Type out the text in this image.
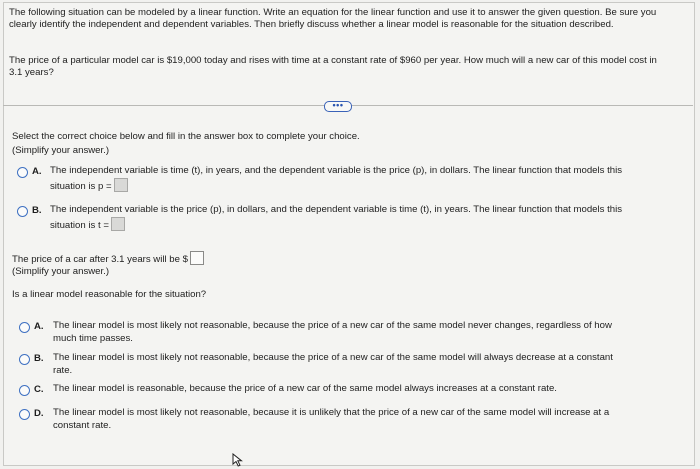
The following situation can be modeled by a linear function. Write an equation for the linear function and use it to answer the given question. Be sure you clearly identify the independent and dependent variables. Then briefly discuss whether a linear model is reasonable for the situation described.
The price of a particular model car is $19,000 today and rises with time at a constant rate of $960 per year. How much will a new car of this model cost in 3.1 years?
•••
Select the correct choice below and fill in the answer box to complete your choice.
(Simplify your answer.)
A. The independent variable is time (t), in years, and the dependent variable is the price (p), in dollars. The linear function that models this
situation is p =
B. The independent variable is the price (p), in dollars, and the dependent variable is time (t), in years. The linear function that models this
situation is t =
The price of a car after 3.1 years will be $
(Simplify your answer.)
Is a linear model reasonable for the situation?
A. The linear model is most likely not reasonable, because the price of a new car of the same model never changes, regardless of how
much time passes.
B. The linear model is most likely not reasonable, because the price of a new car of the same model will always decrease at a constant
rate.
C. The linear model is reasonable, because the price of a new car of the same model always increases at a constant rate.
D. The linear model is most likely not reasonable, because it is unlikely that the price of a new car of the same model will increase at a
constant rate.
